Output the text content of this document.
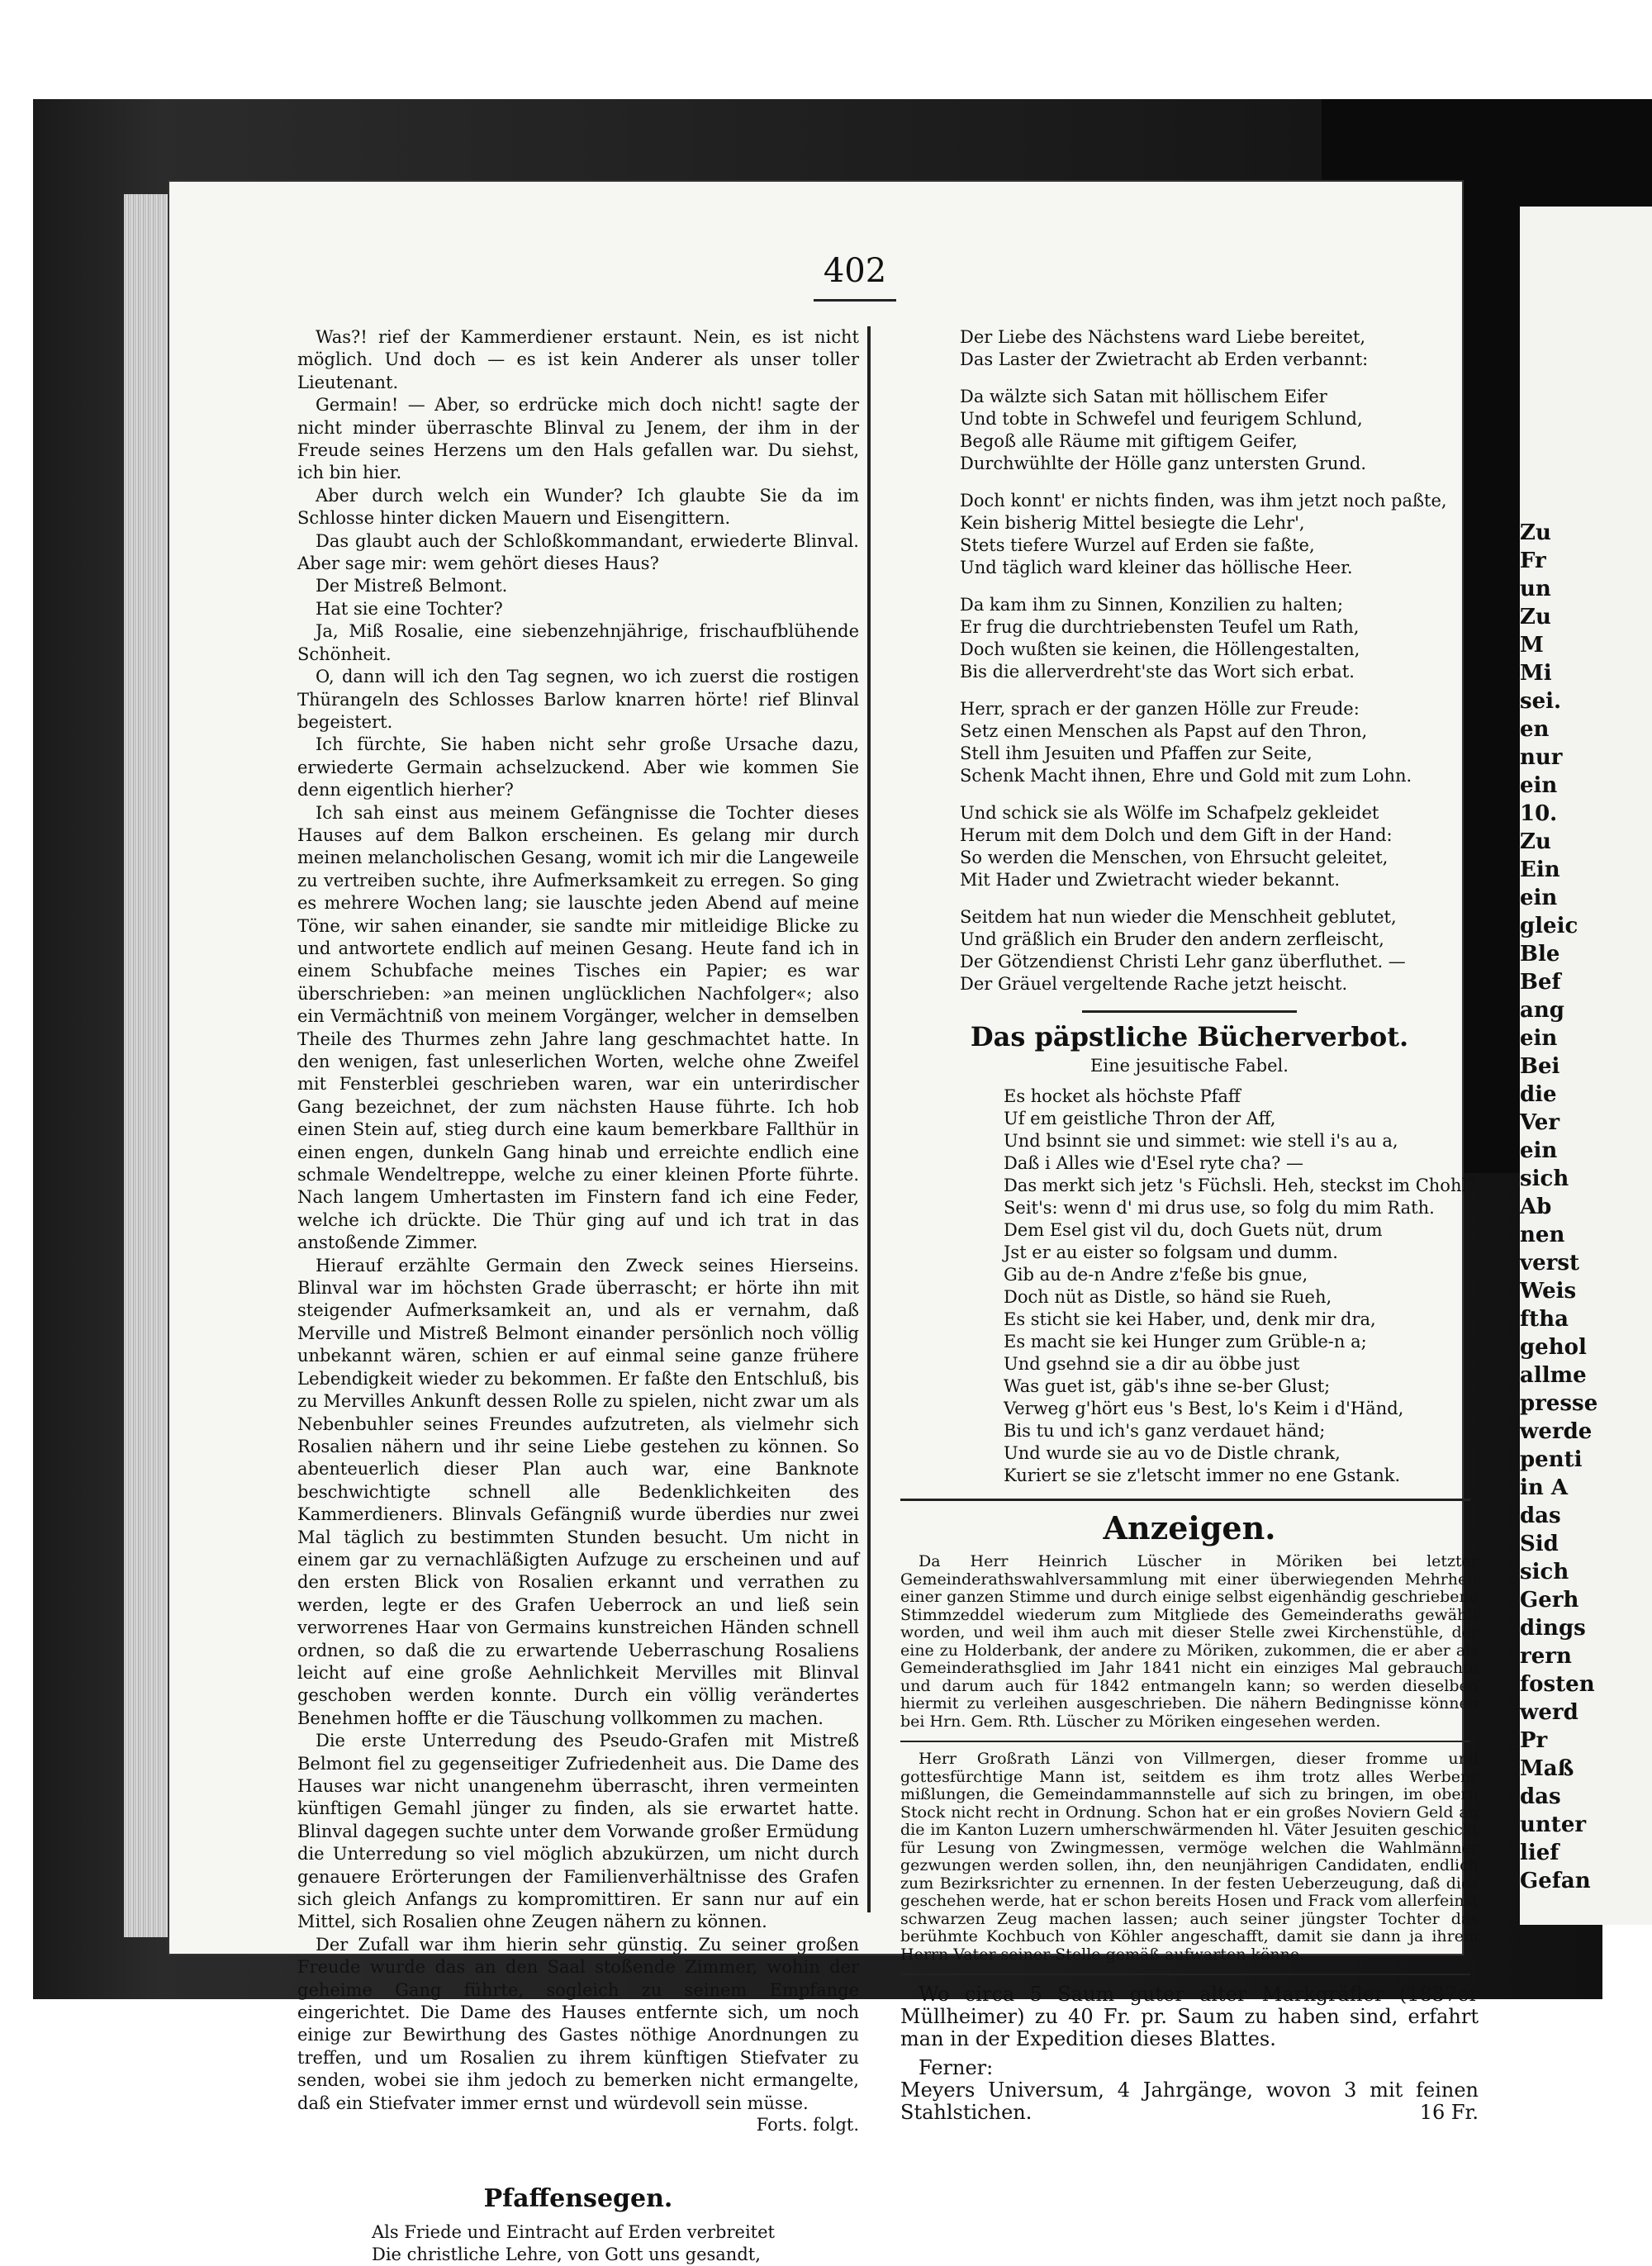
Zu
Fr
un
Zu
M
Mi
sei.
en
nur
ein
10.
Zu
Ein
ein
gleic
Ble
Bef
ang
ein
Bei
die
Ver
ein
sich
Ab
nen
verst
Weis
ftha
gehol
allme
presse
werde
penti
in A
das
Sid
sich
Gerh
dings
rern
fosten
werd
Pr
Maß
das
unter
lief
Gefan
402

Was?! rief der Kammerdiener erstaunt. Nein, es ist nicht möglich. Und doch — es ist kein Anderer als unser toller Lieutenant.

Germain! — Aber, so erdrücke mich doch nicht! sagte der nicht minder überraschte Blinval zu Jenem, der ihm in der Freude seines Herzens um den Hals gefallen war. Du siehst, ich bin hier.

Aber durch welch ein Wunder? Ich glaubte Sie da im Schlosse hinter dicken Mauern und Eisengittern.

Das glaubt auch der Schloßkommandant, erwiederte Blinval. Aber sage mir: wem gehört dieses Haus?

Der Mistreß Belmont.

Hat sie eine Tochter?

Ja, Miß Rosalie, eine siebenzehnjährige, frischaufblühende Schönheit.

O, dann will ich den Tag segnen, wo ich zuerst die rostigen Thürangeln des Schlosses Barlow knarren hörte! rief Blinval begeistert.

Ich fürchte, Sie haben nicht sehr große Ursache dazu, erwiederte Germain achselzuckend. Aber wie kommen Sie denn eigentlich hierher?

Ich sah einst aus meinem Gefängnisse die Tochter dieses Hauses auf dem Balkon erscheinen. Es gelang mir durch meinen melancholischen Gesang, womit ich mir die Langeweile zu vertreiben suchte, ihre Aufmerksamkeit zu erregen. So ging es mehrere Wochen lang; sie lauschte jeden Abend auf meine Töne, wir sahen einander, sie sandte mir mitleidige Blicke zu und antwortete endlich auf meinen Gesang. Heute fand ich in einem Schubfache meines Tisches ein Papier; es war überschrieben: »an meinen unglücklichen Nachfolger«; also ein Vermächtniß von meinem Vorgänger, welcher in demselben Theile des Thurmes zehn Jahre lang geschmachtet hatte. In den wenigen, fast unleserlichen Worten, welche ohne Zweifel mit Fensterblei geschrieben waren, war ein unterirdischer Gang bezeichnet, der zum nächsten Hause führte. Ich hob einen Stein auf, stieg durch eine kaum bemerkbare Fallthür in einen engen, dunkeln Gang hinab und erreichte endlich eine schmale Wendeltreppe, welche zu einer kleinen Pforte führte. Nach langem Umhertasten im Finstern fand ich eine Feder, welche ich drückte. Die Thür ging auf und ich trat in das anstoßende Zimmer.

Hierauf erzählte Germain den Zweck seines Hierseins. Blinval war im höchsten Grade überrascht; er hörte ihn mit steigender Aufmerksamkeit an, und als er vernahm, daß Merville und Mistreß Belmont einander persönlich noch völlig unbekannt wären, schien er auf einmal seine ganze frühere Lebendigkeit wieder zu bekommen. Er faßte den Entschluß, bis zu Mervilles Ankunft dessen Rolle zu spielen, nicht zwar um als Nebenbuhler seines Freundes aufzutreten, als vielmehr sich Rosalien nähern und ihr seine Liebe gestehen zu können. So abenteuerlich dieser Plan auch war, eine Banknote beschwichtigte schnell alle Bedenklichkeiten des Kammerdieners. Blinvals Gefängniß wurde überdies nur zwei Mal täglich zu bestimmten Stunden besucht. Um nicht in einem gar zu vernachläßigten Aufzuge zu erscheinen und auf den ersten Blick von Rosalien erkannt und verrathen zu werden, legte er des Grafen Ueberrock an und ließ sein verworrenes Haar von Germains kunstreichen Händen schnell ordnen, so daß die zu erwartende Ueberraschung Rosaliens leicht auf eine große Aehnlichkeit Mervilles mit Blinval geschoben werden konnte. Durch ein völlig verändertes Benehmen hoffte er die Täuschung vollkommen zu machen.

Die erste Unterredung des Pseudo-Grafen mit Mistreß Belmont fiel zu gegenseitiger Zufriedenheit aus. Die Dame des Hauses war nicht unangenehm überrascht, ihren vermeinten künftigen Gemahl jünger zu finden, als sie erwartet hatte. Blinval dagegen suchte unter dem Vorwande großer Ermüdung die Unterredung so viel möglich abzukürzen, um nicht durch genauere Erörterungen der Familienverhältnisse des Grafen sich gleich Anfangs zu kompromittiren. Er sann nur auf ein Mittel, sich Rosalien ohne Zeugen nähern zu können.

Der Zufall war ihm hierin sehr günstig. Zu seiner großen Freude wurde das an den Saal stoßende Zimmer, wohin der geheime Gang führte, sogleich zu seinem Empfange eingerichtet. Die Dame des Hauses entfernte sich, um noch einige zur Bewirthung des Gastes nöthige Anordnungen zu treffen, und um Rosalien zu ihrem künftigen Stiefvater zu senden, wobei sie ihm jedoch zu bemerken nicht ermangelte, daß ein Stiefvater immer ernst und würdevoll sein müsse.

Forts. folgt.
Pfaffensegen.
Als Friede und Eintracht auf Erden verbreitet
Die christliche Lehre, von Gott uns gesandt,
Der Liebe des Nächstens ward Liebe bereitet,
Das Laster der Zwietracht ab Erden verbannt:
Da wälzte sich Satan mit höllischem Eifer
Und tobte in Schwefel und feurigem Schlund,
Begoß alle Räume mit giftigem Geifer,
Durchwühlte der Hölle ganz untersten Grund.
Doch konnt' er nichts finden, was ihm jetzt noch paßte,
Kein bisherig Mittel besiegte die Lehr',
Stets tiefere Wurzel auf Erden sie faßte,
Und täglich ward kleiner das höllische Heer.
Da kam ihm zu Sinnen, Konzilien zu halten;
Er frug die durchtriebensten Teufel um Rath,
Doch wußten sie keinen, die Höllengestalten,
Bis die allerverdreht'ste das Wort sich erbat.
Herr, sprach er der ganzen Hölle zur Freude:
Setz einen Menschen als Papst auf den Thron,
Stell ihm Jesuiten und Pfaffen zur Seite,
Schenk Macht ihnen, Ehre und Gold mit zum Lohn.
Und schick sie als Wölfe im Schafpelz gekleidet
Herum mit dem Dolch und dem Gift in der Hand:
So werden die Menschen, von Ehrsucht geleitet,
Mit Hader und Zwietracht wieder bekannt.
Seitdem hat nun wieder die Menschheit geblutet,
Und gräßlich ein Bruder den andern zerfleischt,
Der Götzendienst Christi Lehr ganz überfluthet. —
Der Gräuel vergeltende Rache jetzt heischt.
Das päpstliche Bücherverbot.
Eine jesuitische Fabel.
Es hocket als höchste Pfaff
Uf em geistliche Thron der Aff,
Und bsinnt sie und simmet: wie stell i's au a,
Daß i Alles wie d'Esel ryte cha? —
Das merkt sich jetz 's Füchsli. Heh, steckst im Chohl?
Seit's: wenn d' mi drus use, so folg du mim Rath.
Dem Esel gist vil du, doch Guets nüt, drum
Jst er au eister so folgsam und dumm.
Gib au de-n Andre z'feße bis gnue,
Doch nüt as Distle, so händ sie Rueh,
Es sticht sie kei Haber, und, denk mir dra,
Es macht sie kei Hunger zum Grüble-n a;
Und gsehnd sie a dir au öbbe just
Was guet ist, gäb's ihne se-ber Glust;
Verweg g'hört eus 's Best, lo's Keim i d'Händ,
Bis tu und ich's ganz verdauet händ;
Und wurde sie au vo de Distle chrank,
Kuriert se sie z'letscht immer no ene Gstank.
Anzeigen.

Da Herr Heinrich Lüscher in Möriken bei letzter Gemeinderathswahlversammlung mit einer überwiegenden Mehrheit einer ganzen Stimme und durch einige selbst eigenhändig geschriebene Stimmzeddel wiederum zum Mitgliede des Gemeinderaths gewählt worden, und weil ihm auch mit dieser Stelle zwei Kirchenstühle, der eine zu Holderbank, der andere zu Möriken, zukommen, die er aber als Gemeinderathsglied im Jahr 1841 nicht ein einziges Mal gebrauchte und darum auch für 1842 entmangeln kann; so werden dieselben hiermit zu verleihen ausgeschrieben. Die nähern Bedingnisse können bei Hrn. Gem. Rth. Lüscher zu Möriken eingesehen werden.

Herr Großrath Länzi von Villmergen, dieser fromme und gottesfürchtige Mann ist, seitdem es ihm trotz alles Werbens mißlungen, die Gemeindammannstelle auf sich zu bringen, im obern Stock nicht recht in Ordnung. Schon hat er ein großes Noviern Geld an die im Kanton Luzern umherschwärmenden hl. Väter Jesuiten geschickt für Lesung von Zwingmessen, vermöge welchen die Wahlmänner gezwungen werden sollen, ihn, den neunjährigen Candidaten, endlich zum Bezirksrichter zu ernennen. In der festen Ueberzeugung, daß dies geschehen werde, hat er schon bereits Hosen und Frack vom allerfeinst schwarzen Zeug machen lassen; auch seiner jüngster Tochter das berühmte Kochbuch von Köhler angeschafft, damit sie dann ja ihrem Herrn Vater seiner Stelle gemäß aufwarten könne.

Wo circa 5 Saum guter alter Markgräfler (1837er Müllheimer) zu 40 Fr. pr. Saum zu haben sind, erfahrt man in der Expedition dieses Blattes.

Ferner:
Meyers Universum, 4 Jahrgänge, wovon 3 mit feinen Stahlstichen.	16 Fr.
